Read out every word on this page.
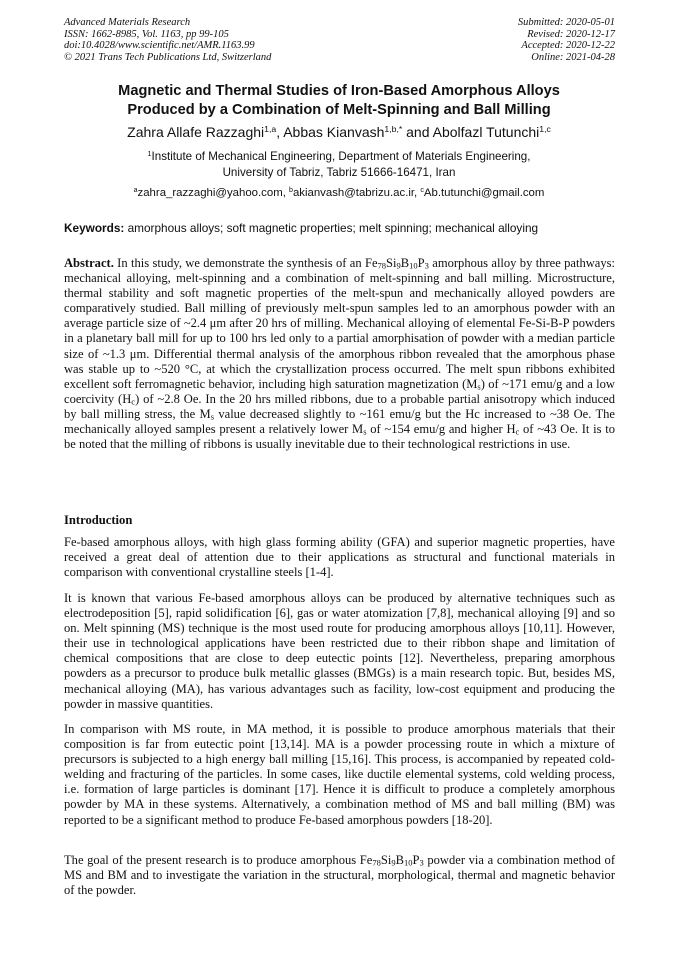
Advanced Materials Research
ISSN: 1662-8985, Vol. 1163, pp 99-105
doi:10.4028/www.scientific.net/AMR.1163.99
© 2021 Trans Tech Publications Ltd, Switzerland
Submitted: 2020-05-01
Revised: 2020-12-17
Accepted: 2020-12-22
Online: 2021-04-28
Magnetic and Thermal Studies of Iron-Based Amorphous Alloys
Produced by a Combination of Melt-Spinning and Ball Milling
Zahra Allafe Razzaghi$^{1,a}$, Abbas Kianvash$^{1,b,*}$ and Abolfazl Tutunchi$^{1,c}$
$^1$Institute of Mechanical Engineering, Department of Materials Engineering,
University of Tabriz, Tabriz 51666-16471, Iran
$^a$zahra_razzaghi@yahoo.com, $^b$akianvash@tabrizu.ac.ir, $^c$Ab.tutunchi@gmail.com
Keywords: amorphous alloys; soft magnetic properties; melt spinning; mechanical alloying
Abstract. In this study, we demonstrate the synthesis of an $Fe_{78}Si_9B_{10}P_3$ amorphous alloy by three pathways: mechanical alloying, melt-spinning and a combination of melt-spinning and ball milling. Microstructure, thermal stability and soft magnetic properties of the melt-spun and mechanically alloyed powders are comparatively studied. Ball milling of previously melt-spun samples led to an amorphous powder with an average particle size of ~2.4 μm after 20 hrs of milling. Mechanical alloying of elemental Fe-Si-B-P powders in a planetary ball mill for up to 100 hrs led only to a partial amorphisation of powder with a median particle size of ~1.3 μm. Differential thermal analysis of the amorphous ribbon revealed that the amorphous phase was stable up to ~520 °C, at which the crystallization process occurred. The melt spun ribbons exhibited excellent soft ferromagnetic behavior, including high saturation magnetization $(M_s)$ of ~171 emu/g and a low coercivity $(H_c)$ of ~2.8 Oe. In the 20 hrs milled ribbons, due to a probable partial anisotropy which induced by ball milling stress, the $M_s$ value decreased slightly to ~161 emu/g but the Hc increased to ~38 Oe. The mechanically alloyed samples present a relatively lower $M_s$ of ~154 emu/g and higher $H_c$ of ~43 Oe. It is to be noted that the milling of ribbons is usually inevitable due to their technological restrictions in use.
Introduction
Fe-based amorphous alloys, with high glass forming ability (GFA) and superior magnetic properties, have received a great deal of attention due to their applications as structural and functional materials in comparison with conventional crystalline steels [1-4].
It is known that various Fe-based amorphous alloys can be produced by alternative techniques such as electrodeposition [5], rapid solidification [6], gas or water atomization [7,8], mechanical alloying [9] and so on. Melt spinning (MS) technique is the most used route for producing amorphous alloys [10,11]. However, their use in technological applications have been restricted due to their ribbon shape and limitation of chemical compositions that are close to deep eutectic points [12]. Nevertheless, preparing amorphous powders as a precursor to produce bulk metallic glasses (BMGs) is a main research topic. But, besides MS, mechanical alloying (MA), has various advantages such as facility, low-cost equipment and producing the powder in massive quantities.
In comparison with MS route, in MA method, it is possible to produce amorphous materials that their composition is far from eutectic point [13,14]. MA is a powder processing route in which a mixture of precursors is subjected to a high energy ball milling [15,16]. This process, is accompanied by repeated cold-welding and fracturing of the particles. In some cases, like ductile elemental systems, cold welding process, i.e. formation of large particles is dominant [17]. Hence it is difficult to produce a completely amorphous powder by MA in these systems. Alternatively, a combination method of MS and ball milling (BM) was reported to be a significant method to produce Fe-based amorphous powders [18-20].
The goal of the present research is to produce amorphous $Fe_{78}Si_9B_{10}P_3$ powder via a combination method of MS and BM and to investigate the variation in the structural, morphological, thermal and magnetic behavior of the powder.
